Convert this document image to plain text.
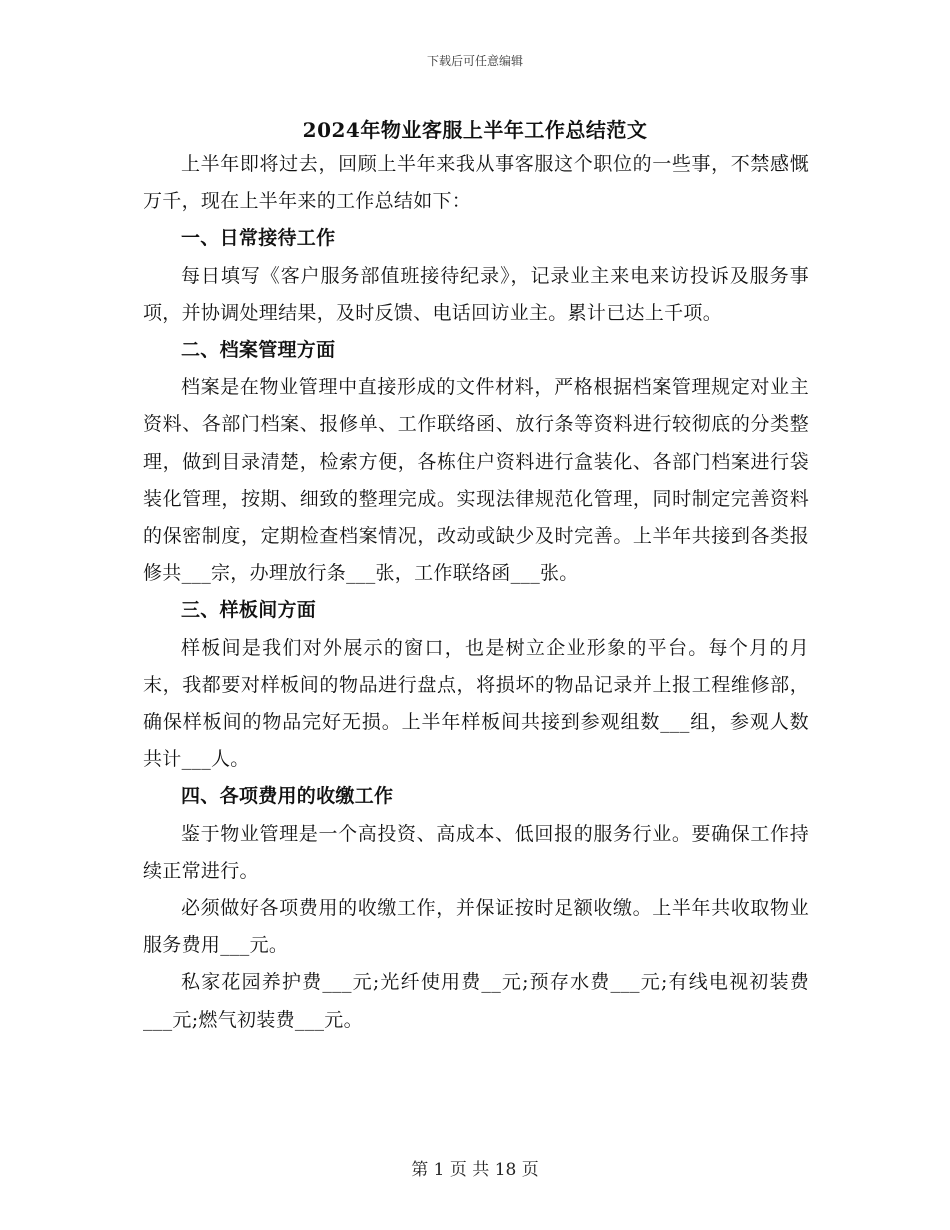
下载后可任意编辑
2024年物业客服上半年工作总结范文

上半年即将过去，回顾上半年来我从事客服这个职位的一些事，不禁感慨万千，现在上半年来的工作总结如下：

一、日常接待工作

每日填写《客户服务部值班接待纪录》，记录业主来电来访投诉及服务事项，并协调处理结果，及时反馈、电话回访业主。累计已达上千项。

二、档案管理方面

档案是在物业管理中直接形成的文件材料，严格根据档案管理规定对业主资料、各部门档案、报修单、工作联络函、放行条等资料进行较彻底的分类整理，做到目录清楚，检索方便，各栋住户资料进行盒装化、各部门档案进行袋装化管理，按期、细致的整理完成。实现法律规范化管理，同时制定完善资料的保密制度，定期检查档案情况，改动或缺少及时完善。上半年共接到各类报修共___宗，办理放行条___张，工作联络函___张。

三、样板间方面

样板间是我们对外展示的窗口，也是树立企业形象的平台。每个月的月末，我都要对样板间的物品进行盘点，将损坏的物品记录并上报工程维修部，确保样板间的物品完好无损。上半年样板间共接到参观组数___组，参观人数共计___人。

四、各项费用的收缴工作

鉴于物业管理是一个高投资、高成本、低回报的服务行业。要确保工作持续正常进行。

必须做好各项费用的收缴工作，并保证按时足额收缴。上半年共收取物业服务费用___元。

私家花园养护费___元;光纤使用费__元;预存水费___元;有线电视初装费___元;燃气初装费___元。

第 1 页 共 18 页
